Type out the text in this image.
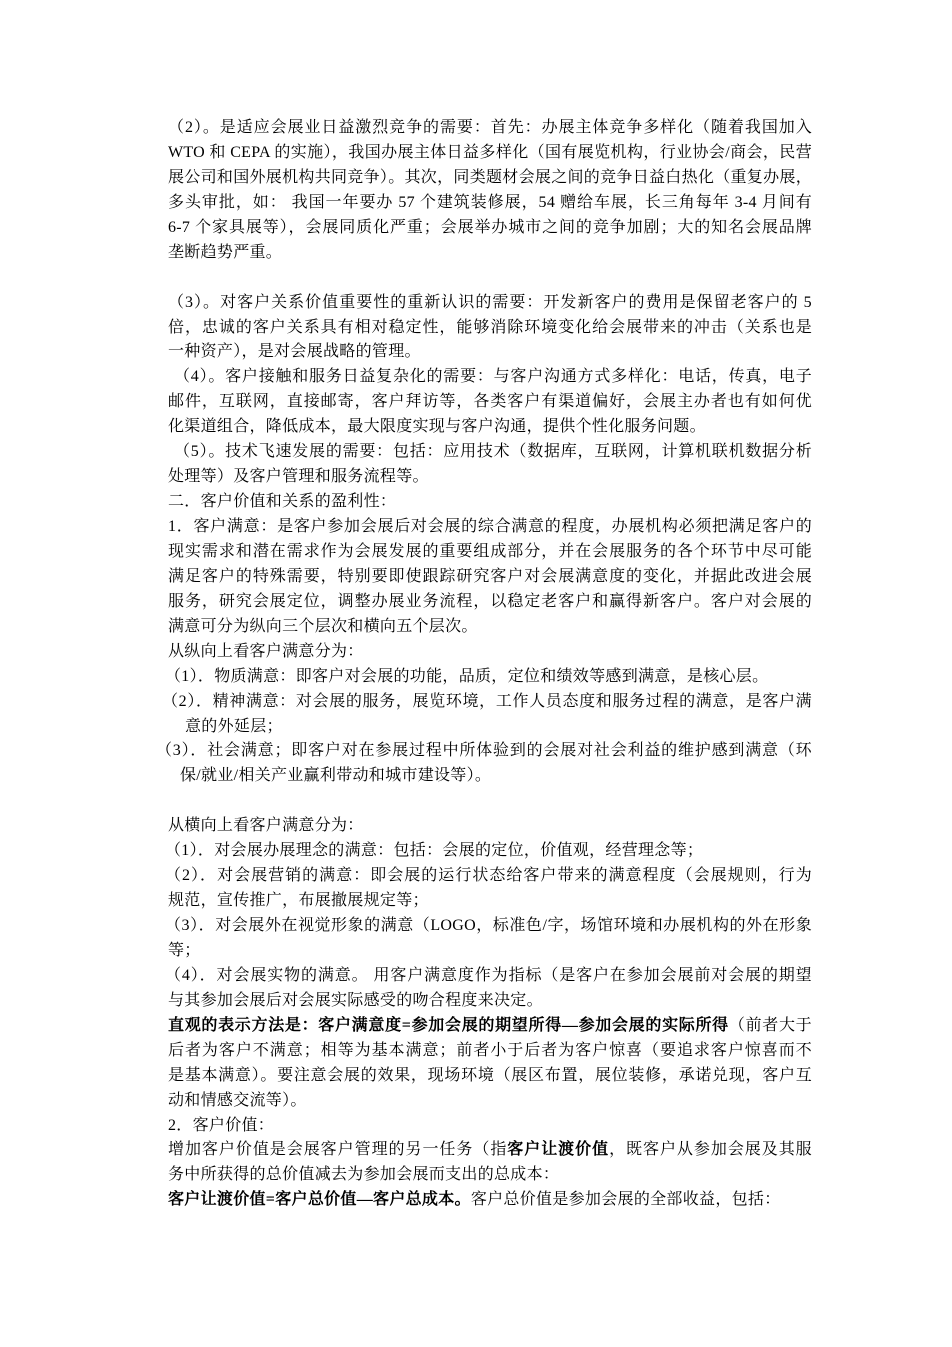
（2）。是适应会展业日益激烈竞争的需要：首先：办展主体竞争多样化（随着我国加入
WTO 和 CEPA 的实施），我国办展主体日益多样化（国有展览机构，行业协会/商会，民营
展公司和国外展机构共同竞争）。其次，同类题材会展之间的竞争日益白热化（重复办展，
多头审批，如： 我国一年要办 57 个建筑装修展，54 赠给车展，长三角每年 3-4 月间有
6-7 个家具展等），会展同质化严重；会展举办城市之间的竞争加剧；大的知名会展品牌
垄断趋势严重。
（3）。对客户关系价值重要性的重新认识的需要：开发新客户的费用是保留老客户的 5
倍，忠诚的客户关系具有相对稳定性，能够消除环境变化给会展带来的冲击（关系也是
一种资产），是对会展战略的管理。
（4）。客户接触和服务日益复杂化的需要：与客户沟通方式多样化：电话，传真，电子
邮件，互联网，直接邮寄，客户拜访等，各类客户有渠道偏好，会展主办者也有如何优
化渠道组合，降低成本，最大限度实现与客户沟通，提供个性化服务问题。
（5）。技术飞速发展的需要：包括：应用技术（数据库，互联网，计算机联机数据分析
处理等）及客户管理和服务流程等。
二．客户价值和关系的盈利性：
1．客户满意：是客户参加会展后对会展的综合满意的程度，办展机构必须把满足客户的
现实需求和潜在需求作为会展发展的重要组成部分，并在会展服务的各个环节中尽可能
满足客户的特殊需要，特别要即使跟踪研究客户对会展满意度的变化，并据此改进会展
服务，研究会展定位，调整办展业务流程，以稳定老客户和赢得新客户。客户对会展的
满意可分为纵向三个层次和横向五个层次。
从纵向上看客户满意分为：
（1）．物质满意：即客户对会展的功能，品质，定位和绩效等感到满意，是核心层。
（2）．精神满意：对会展的服务，展览环境，工作人员态度和服务过程的满意，是客户满
意的外延层；
（3）．社会满意；即客户对在参展过程中所体验到的会展对社会利益的维护感到满意（环
保/就业/相关产业赢利带动和城市建设等）。
从横向上看客户满意分为：
（1）．对会展办展理念的满意：包括：会展的定位，价值观，经营理念等；
（2）．对会展营销的满意：即会展的运行状态给客户带来的满意程度（会展规则，行为
规范，宣传推广，布展撤展规定等；
（3）．对会展外在视觉形象的满意（LOGO，标准色/字，场馆环境和办展机构的外在形象
等；
（4）．对会展实物的满意。 用客户满意度作为指标（是客户在参加会展前对会展的期望
与其参加会展后对会展实际感受的吻合程度来决定。
直观的表示方法是：客户满意度=参加会展的期望所得—参加会展的实际所得（前者大于
后者为客户不满意；相等为基本满意；前者小于后者为客户惊喜（要追求客户惊喜而不
是基本满意）。要注意会展的效果，现场环境（展区布置，展位装修，承诺兑现，客户互
动和情感交流等）。
2．客户价值：
增加客户价值是会展客户管理的另一任务（指客户让渡价值，既客户从参加会展及其服
务中所获得的总价值减去为参加会展而支出的总成本：
客户让渡价值=客户总价值—客户总成本。客户总价值是参加会展的全部收益，包括：
